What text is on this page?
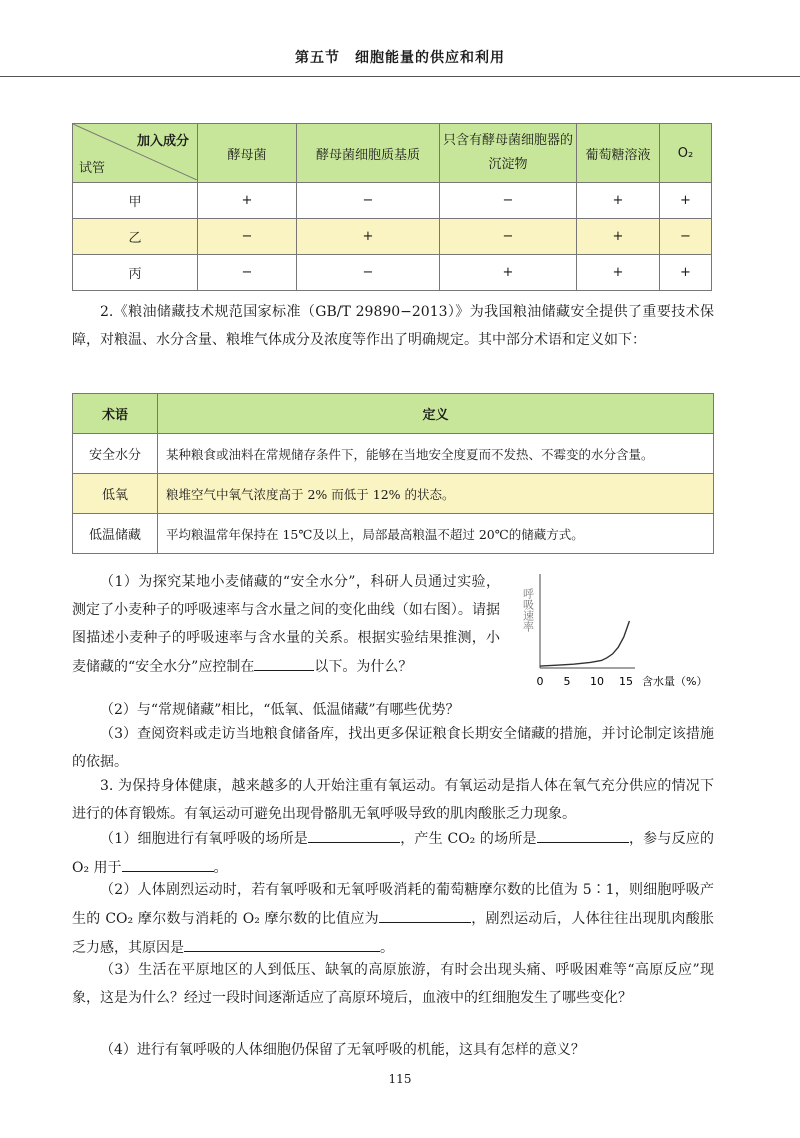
第五节　细胞能量的供应和利用
加入成分
试管	酵母菌	酵母菌细胞质基质	只含有酵母菌细胞器的沉淀物	葡萄糖溶液	O₂
甲	+	−	−	+	+
乙	−	+	−	+	−
丙	−	−	+	+	+
2.《粮油储藏技术规范国家标准（GB/T 29890−2013）》为我国粮油储藏安全提供了重要技术保障，对粮温、水分含量、粮堆气体成分及浓度等作出了明确规定。其中部分术语和定义如下：
术语	定义
安全水分	某种粮食或油料在常规储存条件下，能够在当地安全度夏而不发热、不霉变的水分含量。
低氧	粮堆空气中氧气浓度高于 2% 而低于 12% 的状态。
低温储藏	平均粮温常年保持在 15℃及以上，局部最高粮温不超过 20℃的储藏方式。
（1）为探究某地小麦储藏的“安全水分”，科研人员通过实验，测定了小麦种子的呼吸速率与含水量之间的变化曲线（如右图）。请据图描述小麦种子的呼吸速率与含水量的关系。根据实验结果推测，小麦储藏的“安全水分”应控制在	以下。为什么？
呼吸速率
0 5 10 15 含水量（%）
（2）与“常规储藏”相比，“低氧、低温储藏”有哪些优势？
（3）查阅资料或走访当地粮食储备库，找出更多保证粮食长期安全储藏的措施，并讨论制定该措施的依据。
3. 为保持身体健康，越来越多的人开始注重有氧运动。有氧运动是指人体在氧气充分供应的情况下进行的体育锻炼。有氧运动可避免出现骨骼肌无氧呼吸导致的肌肉酸胀乏力现象。
（1）细胞进行有氧呼吸的场所是	，产生 CO₂ 的场所是	，参与反应的 O₂ 用于	。
（2）人体剧烈运动时，若有氧呼吸和无氧呼吸消耗的葡萄糖摩尔数的比值为 5∶1，则细胞呼吸产生的 CO₂ 摩尔数与消耗的 O₂ 摩尔数的比值应为	，剧烈运动后，人体往往出现肌肉酸胀乏力感，其原因是	。
（3）生活在平原地区的人到低压、缺氧的高原旅游，有时会出现头痛、呼吸困难等“高原反应”现象，这是为什么？经过一段时间逐渐适应了高原环境后，血液中的红细胞发生了哪些变化？
（4）进行有氧呼吸的人体细胞仍保留了无氧呼吸的机能，这具有怎样的意义？
115
